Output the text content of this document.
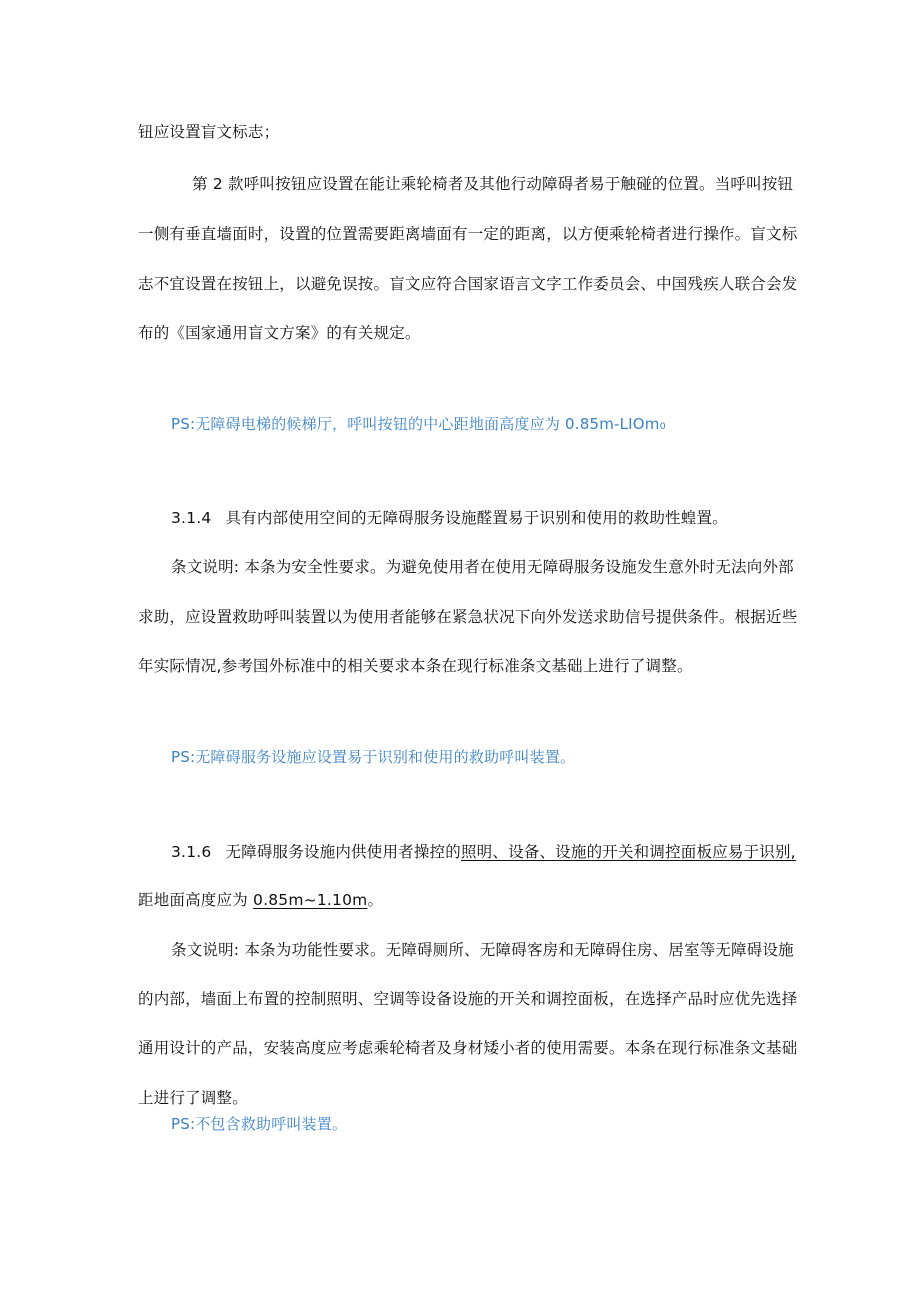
钮应设置盲文标志；
第 2 款呼叫按钮应设置在能让乘轮椅者及其他行动障碍者易于触碰的位置。当呼叫按钮
一侧有垂直墙面时，设置的位置需要距离墙面有一定的距离，以方便乘轮椅者进行操作。盲文标
志不宜设置在按钮上，以避免误按。盲文应符合国家语言文字工作委员会、中国残疾人联合会发
布的《国家通用盲文方案》的有关规定。
PS:无障碍电梯的候梯厅，呼叫按钮的中心距地面高度应为 0.85m-LIOm₀
3.1.4 具有内部使用空间的无障碍服务设施醛置易于识别和使用的救助性蝗置。
条文说明: 本条为安全性要求。为避免使用者在使用无障碍服务设施发生意外时无法向外部
求助，应设置救助呼叫装置以为使用者能够在紧急状况下向外发送求助信号提供条件。根据近些
年实际情况,参考国外标准中的相关要求本条在现行标准条文基础上进行了调整。
PS:无障碍服务设施应设置易于识别和使用的救助呼叫装置。
3.1.6 无障碍服务设施内供使用者操控的照明、设备、设施的开关和调控面板应易于识别,
距地面高度应为 0.85m~1.10m。
条文说明: 本条为功能性要求。无障碍厕所、无障碍客房和无障碍住房、居室等无障碍设施
的内部，墙面上布置的控制照明、空调等设备设施的开关和调控面板，在选择产品时应优先选择
通用设计的产品，安装高度应考虑乘轮椅者及身材矮小者的使用需要。本条在现行标准条文基础
上进行了调整。
PS:不包含救助呼叫装置。
